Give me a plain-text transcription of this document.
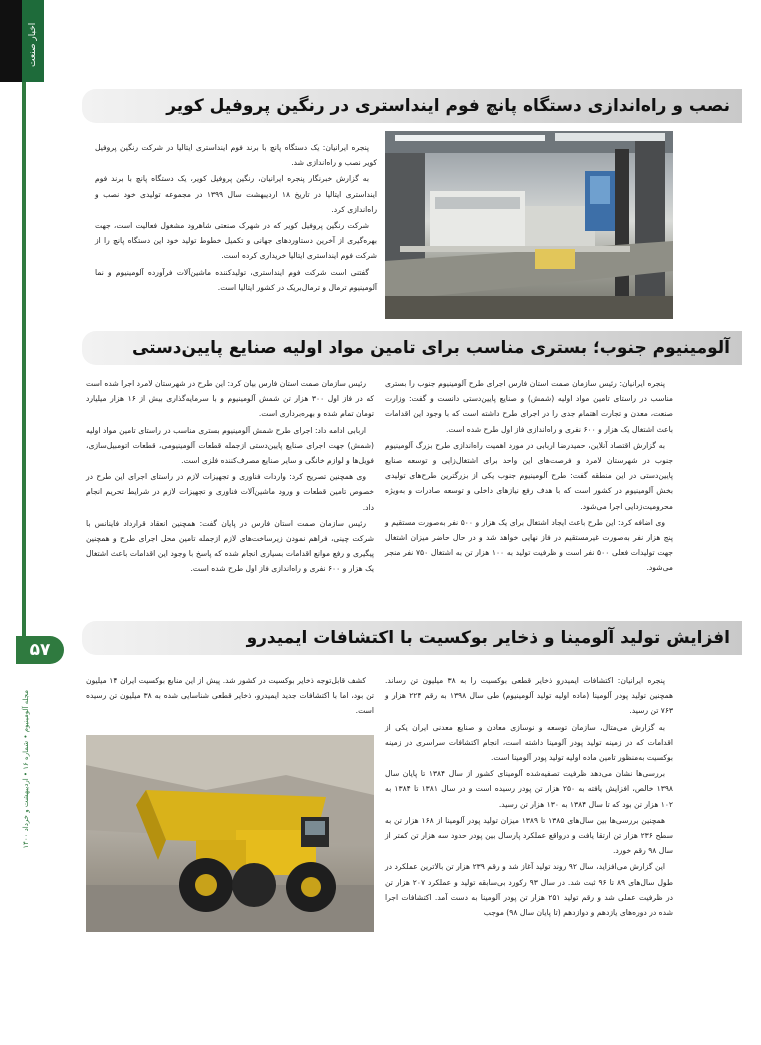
اخبار صنعت آلومینیوم
۵۷
مجله آلومینیوم • شماره ۱۶ • اردیبهشت و خرداد ۱۴۰۰
نصب و راه‌اندازی دستگاه پانچ فوم اینداستری در رنگین پروفیل کویر

پنجره ایرانیان: یک دستگاه پانچ با برند فوم اینداستری ایتالیا در شرکت رنگین پروفیل کویر نصب و راه‌اندازی شد.

به گزارش خبرنگار پنجره ایرانیان، رنگین پروفیل کویر، یک دستگاه پانچ با برند فوم اینداستری ایتالیا در تاریخ ۱۸ اردیبهشت سال ۱۳۹۹ در مجموعه تولیدی خود نصب و راه‌اندازی کرد.

شرکت رنگین پروفیل کویر که در شهرک صنعتی شاهرود مشغول فعالیت است، جهت بهره‌گیری از آخرین دستاوردهای جهانی و تکمیل خطوط تولید خود این دستگاه پانچ را از شرکت فوم اینداستری ایتالیا خریداری کرده است.

گفتنی است شرکت فوم اینداستری، تولیدکننده ماشین‌آلات فرآورده آلومینیوم و نما آلومینیوم ترمال و ترمال‌بریک در کشور ایتالیا است.

آلومینیوم جنوب؛ بستری مناسب برای تامین مواد اولیه صنایع پایین‌دستی

پنجره ایرانیان: رئیس سازمان صمت استان فارس اجرای طرح آلومینیوم جنوب را بستری مناسب در راستای تامین مواد اولیه (شمش) و صنایع پایین‌دستی دانست و گفت: وزارت صنعت، معدن و تجارت اهتمام جدی را در اجرای طرح داشته است که با وجود این اقدامات باعث اشتغال یک هزار و ۶۰۰ نفری و راه‌اندازی فاز اول طرح شده است.

به گزارش اقتصاد آنلاین، حمیدرضا اربابی در مورد اهمیت راه‌اندازی طرح بزرگ آلومینیوم جنوب در شهرستان لامرد و فرصت‌های این واحد برای اشتغال‌زایی و توسعه صنایع پایین‌دستی در این منطقه گفت: طرح آلومینیوم جنوب یکی از بزرگترین طرح‌های تولیدی بخش آلومینیوم در کشور است که با هدف رفع نیازهای داخلی و توسعه صادرات و به‌ویژه محرومیت‌زدایی اجرا می‌شود.

وی اضافه کرد: این طرح باعث ایجاد اشتغال برای یک هزار و ۵۰۰ نفر به‌صورت مستقیم و پنج هزار نفر به‌صورت غیرمستقیم در فاز نهایی خواهد شد و در حال حاضر میزان اشتغال جهت تولیدات فعلی ۵۰۰ نفر است و ظرفیت تولید به ۱۰۰ هزار تن به اشتغال ۷۵۰ نفر منجر می‌شود.

رئیس سازمان صمت استان فارس بیان کرد: این طرح در شهرستان لامرد اجرا شده است که در فاز اول ۳۰۰ هزار تن شمش آلومینیوم و با سرمایه‌گذاری بیش از ۱۶ هزار میلیارد تومان تمام شده و بهره‌برداری است.

اربابی ادامه داد: اجرای طرح شمش آلومینیوم بستری مناسب در راستای تامین مواد اولیه (شمش) جهت اجرای صنایع پایین‌دستی ازجمله قطعات آلومینیومی، قطعات اتومبیل‌سازی، فویل‌ها و لوازم خانگی و سایر صنایع مصرف‌کننده فلزی است.

وی همچنین تصریح کرد: واردات فناوری و تجهیزات لازم در راستای اجرای این طرح در خصوص تامین قطعات و ورود ماشین‌آلات فناوری و تجهیزات لازم در شرایط تحریم انجام داد.

رئیس سازمان صمت استان فارس در پایان گفت: همچنین انعقاد قرارداد فاینانس با شرکت چینی، فراهم نمودن زیرساخت‌های لازم ازجمله تامین محل اجرای طرح و همچنین پیگیری و رفع موانع اقدامات بسیاری انجام شده که پاسخ با وجود این اقدامات باعث اشتغال یک هزار و ۶۰۰ نفری و راه‌اندازی فاز اول طرح شده است.

افزایش تولید آلومینا و ذخایر بوکسیت با اکتشافات ایمیدرو

پنجره ایرانیان: اکتشافات ایمیدرو ذخایر قطعی بوکسیت را به ۳۸ میلیون تن رساند. همچنین تولید پودر آلومینا (ماده اولیه تولید آلومینیوم) طی سال ۱۳۹۸ به رقم ۲۲۴ هزار و ۷۶۳ تن رسید.

به گزارش می‌متال، سازمان توسعه و نوسازی معادن و صنایع معدنی ایران یکی از اقدامات که در زمینه تولید پودر آلومینا داشته است، انجام اکتشافات سراسری در زمینه بوکسیت به‌منظور تامین ماده اولیه تولید پودر آلومینا است.

بررسی‌ها نشان می‌دهد ظرفیت تصفیه‌شده آلومینای کشور از سال ۱۳۸۴ تا پایان سال ۱۳۹۸ خالص، افزایش یافته به ۲۵۰ هزار تن پودر رسیده است و در سال ۱۳۸۱ تا ۱۳۸۴ به ۱۰۲ هزار تن بود که تا سال ۱۳۸۴ به ۱۳۰ هزار تن رسید.

همچنین بررسی‌ها بین سال‌های ۱۳۸۵ تا ۱۳۸۹ میزان تولید پودر آلومینا از ۱۶۸ هزار تن به سطح ۲۳۶ هزار تن ارتقا یافت و درواقع عملکرد پارسال بین پودر حدود سه هزار تن کمتر از سال ۹۸ رقم خورد.

این گزارش می‌افزاید، سال ۹۲ روند تولید آغاز شد و رقم ۲۳۹ هزار تن بالاترین عملکرد در طول سال‌های ۸۹ تا ۹۶ ثبت شد. در سال ۹۳ رکورد بی‌سابقه تولید و عملکرد ۲۰۷ هزار تن در ظرفیت عملی شد و رقم تولید ۲۵۱ هزار تن پودر آلومینا به دست آمد. اکتشافات اجرا شده در دوره‌های یازدهم و دوازدهم (تا پایان سال ۹۸) موجب

کشف قابل‌توجه ذخایر بوکسیت در کشور شد. پیش از این منابع بوکسیت ایران ۱۴ میلیون تن بود، اما با اکتشافات جدید ایمیدرو، ذخایر قطعی شناسایی شده به ۳۸ میلیون تن رسیده است.
